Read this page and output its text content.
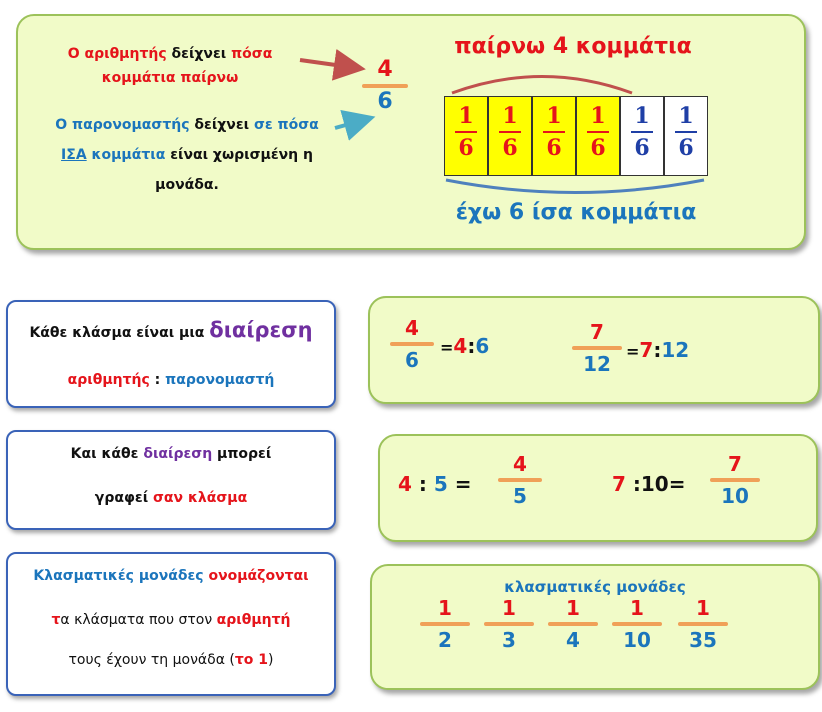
Ο αριθμητής δείχνει πόσα
κομμάτια παίρνω
Ο παρονομαστής δείχνει σε πόσα
ΙΣΑ κομμάτια είναι χωρισμένη η
μονάδα.
4
6
παίρνω 4 κομμάτια
έχω 6 ίσα κομμάτια
1
6
1
6
1
6
1
6
1
6
1
6
Κάθε κλάσμα είναι μια διαίρεση
αριθμητής : παρονομαστή
4
6
=4:6
7
12
=7:12
Και κάθε διαίρεση μπορεί
γραφεί σαν κλάσμα
4 : 5 =
4
5	7 :10=
7
10
Κλασματικές μονάδες ονομάζονται
τα κλάσματα που στον αριθμητή
τους έχουν τη μονάδα (το 1)
κλασματικές μονάδες
1
2
1
3
1
4
1
10
1
35
